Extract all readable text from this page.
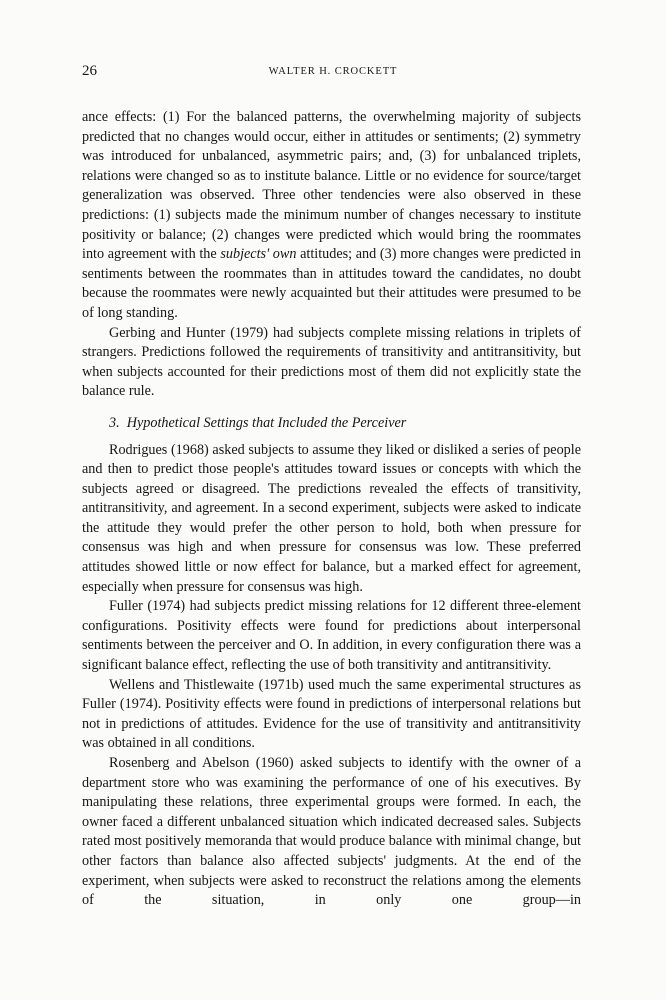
26	WALTER H. CROCKETT

ance effects: (1) For the balanced patterns, the overwhelming majority of subjects predicted that no changes would occur, either in attitudes or sentiments; (2) symmetry was introduced for unbalanced, asymmetric pairs; and, (3) for unbalanced triplets, relations were changed so as to institute balance. Little or no evidence for source/target generalization was observed. Three other tendencies were also observed in these predictions: (1) subjects made the minimum number of changes necessary to institute positivity or balance; (2) changes were predicted which would bring the roommates into agreement with the subjects' own attitudes; and (3) more changes were predicted in sentiments between the roommates than in attitudes toward the candidates, no doubt because the roommates were newly acquainted but their attitudes were presumed to be of long standing.

Gerbing and Hunter (1979) had subjects complete missing relations in triplets of strangers. Predictions followed the requirements of transitivity and antitransitivity, but when subjects accounted for their predictions most of them did not explicitly state the balance rule.

3. Hypothetical Settings that Included the Perceiver

Rodrigues (1968) asked subjects to assume they liked or disliked a series of people and then to predict those people's attitudes toward issues or concepts with which the subjects agreed or disagreed. The predictions revealed the effects of transitivity, antitransitivity, and agreement. In a second experiment, subjects were asked to indicate the attitude they would prefer the other person to hold, both when pressure for consensus was high and when pressure for consensus was low. These preferred attitudes showed little or now effect for balance, but a marked effect for agreement, especially when pressure for consensus was high.

Fuller (1974) had subjects predict missing relations for 12 different three-element configurations. Positivity effects were found for predictions about interpersonal sentiments between the perceiver and O. In addition, in every configuration there was a significant balance effect, reflecting the use of both transitivity and antitransitivity.

Wellens and Thistlewaite (1971b) used much the same experimental structures as Fuller (1974). Positivity effects were found in predictions of interpersonal relations but not in predictions of attitudes. Evidence for the use of transitivity and antitransitivity was obtained in all conditions.

Rosenberg and Abelson (1960) asked subjects to identify with the owner of a department store who was examining the performance of one of his executives. By manipulating these relations, three experimental groups were formed. In each, the owner faced a different unbalanced situation which indicated decreased sales. Subjects rated most positively memoranda that would produce balance with minimal change, but other factors than balance also affected subjects' judgments. At the end of the experiment, when subjects were asked to reconstruct the relations among the elements of the situation, in only one group—in
